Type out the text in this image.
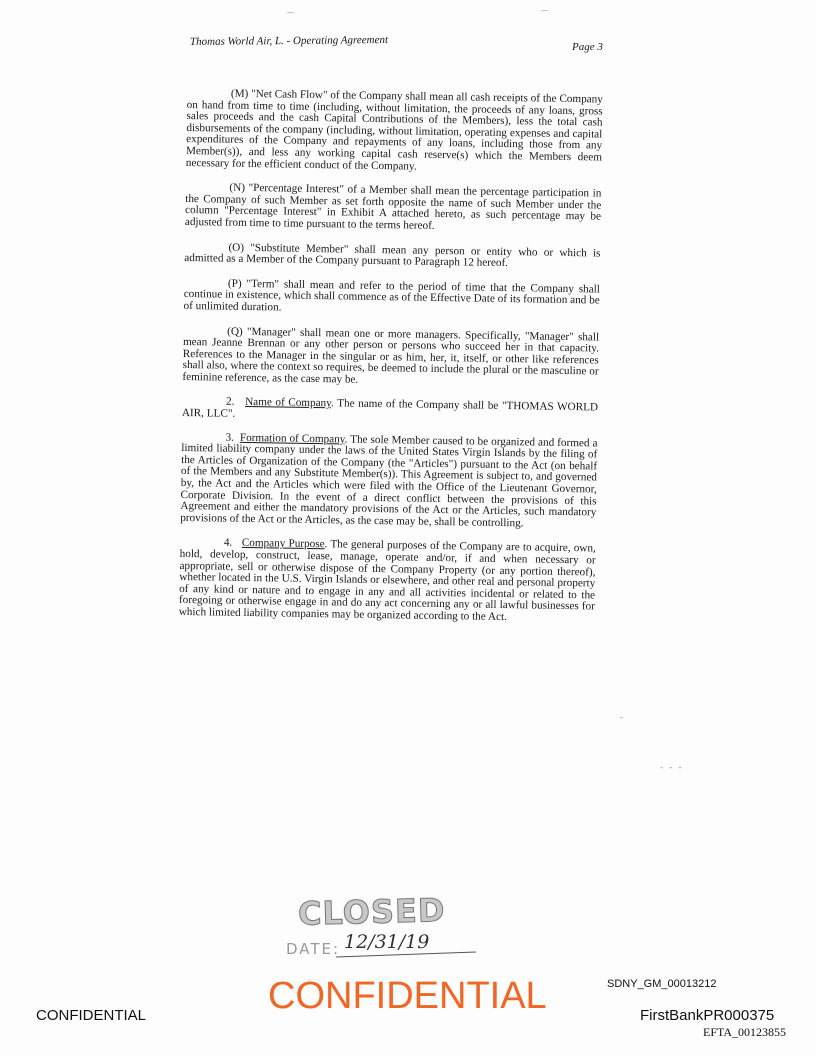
⌒	⌒
Thomas World Air, L. - Operating Agreement	Page 3

(M) "Net Cash Flow" of the Company shall mean all cash receipts of the Company on hand from time to time (including, without limitation, the proceeds of any loans, gross sales proceeds and the cash Capital Contributions of the Members), less the total cash disbursements of the company (including, without limitation, operating expenses and capital expenditures of the Company and repayments of any loans, including those from any Member(s)), and less any working capital cash reserve(s) which the Members deem necessary for the efficient conduct of the Company.

(N) "Percentage Interest" of a Member shall mean the percentage participation in the Company of such Member as set forth opposite the name of such Member under the column "Percentage Interest" in Exhibit A attached hereto, as such percentage may be adjusted from time to time pursuant to the terms hereof.

(O) "Substitute Member" shall mean any person or entity who or which is admitted as a Member of the Company pursuant to Paragraph 12 hereof.

(P) "Term" shall mean and refer to the period of time that the Company shall continue in existence, which shall commence as of the Effective Date of its formation and be of unlimited duration.

(Q) "Manager" shall mean one or more managers. Specifically, "Manager" shall mean Jeanne Brennan or any other person or persons who succeed her in that capacity. References to the Manager in the singular or as him, her, it, itself, or other like references shall also, where the context so requires, be deemed to include the plural or the masculine or feminine reference, as the case may be.

2. Name of Company. The name of the Company shall be "THOMAS WORLD AIR, LLC".

3. Formation of Company. The sole Member caused to be organized and formed a limited liability company under the laws of the United States Virgin Islands by the filing of the Articles of Organization of the Company (the "Articles") pursuant to the Act (on behalf of the Members and any Substitute Member(s)). This Agreement is subject to, and governed by, the Act and the Articles which were filed with the Office of the Lieutenant Governor, Corporate Division. In the event of a direct conflict between the provisions of this Agreement and either the mandatory provisions of the Act or the Articles, such mandatory provisions of the Act or the Articles, as the case may be, shall be controlling.

4. Company Purpose. The general purposes of the Company are to acquire, own, hold, develop, construct, lease, manage, operate and/or, if and when necessary or appropriate, sell or otherwise dispose of the Company Property (or any portion thereof), whether located in the U.S. Virgin Islands or elsewhere, and other real and personal property of any kind or nature and to engage in any and all activities incidental or related to the foregoing or otherwise engage in and do any act concerning any or all lawful businesses for which limited liability companies may be organized according to the Act.

-
- - -
CLOSED
DATE: 12/31/19
CONFIDENTIAL
CONFIDENTIAL
SDNY_GM_00013212
FirstBankPR000375
EFTA_00123855
